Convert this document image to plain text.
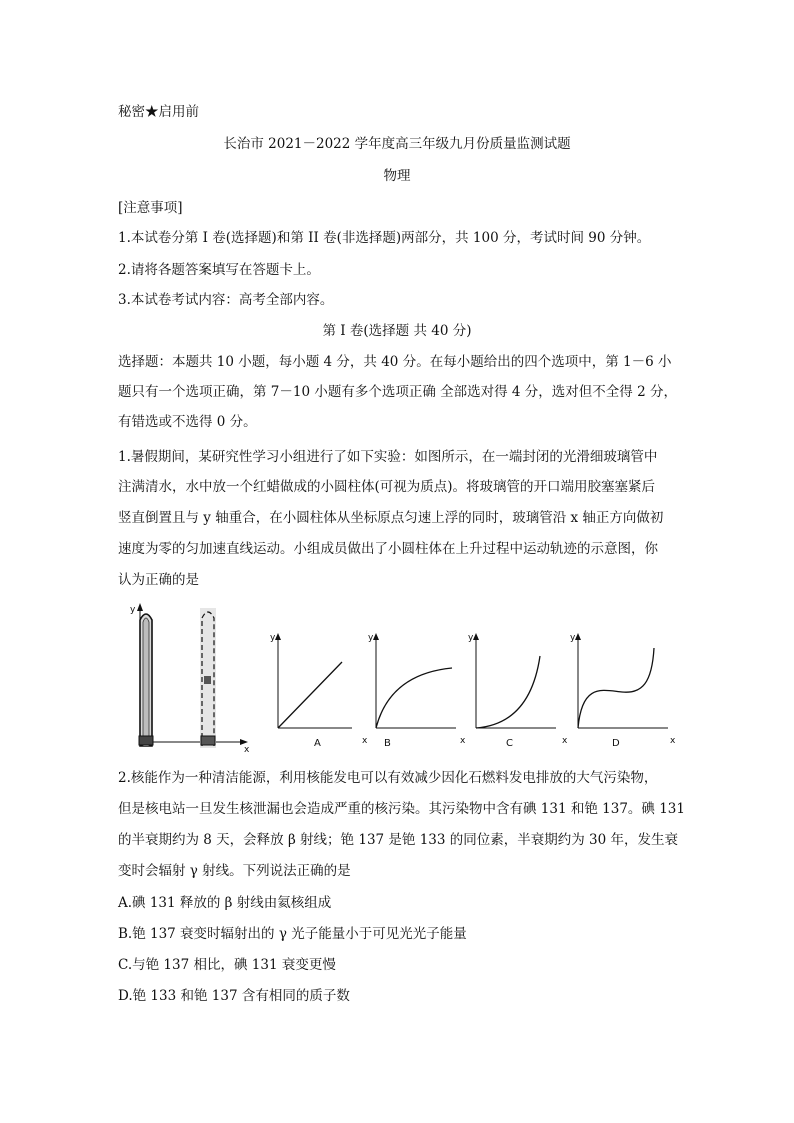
秘密★启用前
长治市 2021－2022 学年度高三年级九月份质量监测试题
物理
[注意事项]
1.本试卷分第 I 卷(选择题)和第 II 卷(非选择题)两部分，共 100 分，考试时间 90 分钟。
2.请将各题答案填写在答题卡上。
3.本试卷考试内容：高考全部内容。
第 I 卷(选择题 共 40 分)
选择题：本题共 10 小题，每小题 4 分，共 40 分。在每小题给出的四个选项中，第 1－6 小
题只有一个选项正确，第 7－10 小题有多个选项正确 全部选对得 4 分，选对但不全得 2 分，
有错选或不选得 0 分。
1.暑假期间，某研究性学习小组进行了如下实验：如图所示，在一端封闭的光滑细玻璃管中
注满清水，水中放一个红蜡做成的小圆柱体(可视为质点)。将玻璃管的开口端用胶塞塞紧后
竖直倒置且与 y 轴重合，在小圆柱体从坐标原点匀速上浮的同时，玻璃管沿 x 轴正方向做初
速度为零的匀加速直线运动。小组成员做出了小圆柱体在上升过程中运动轨迹的示意图，你
认为正确的是
y
x
y
A
y
x B
y
x	C
y
x	x
D
2.核能作为一种清洁能源，利用核能发电可以有效减少因化石燃料发电排放的大气污染物，
但是核电站一旦发生核泄漏也会造成严重的核污染。其污染物中含有碘 131 和铯 137。碘 131
的半衰期约为 8 天，会释放 β 射线；铯 137 是铯 133 的同位素，半衰期约为 30 年，发生衰
变时会辐射 γ 射线。下列说法正确的是
A.碘 131 释放的 β 射线由氦核组成
B.铯 137 衰变时辐射出的 γ 光子能量小于可见光光子能量
C.与铯 137 相比，碘 131 衰变更慢
D.铯 133 和铯 137 含有相同的质子数
